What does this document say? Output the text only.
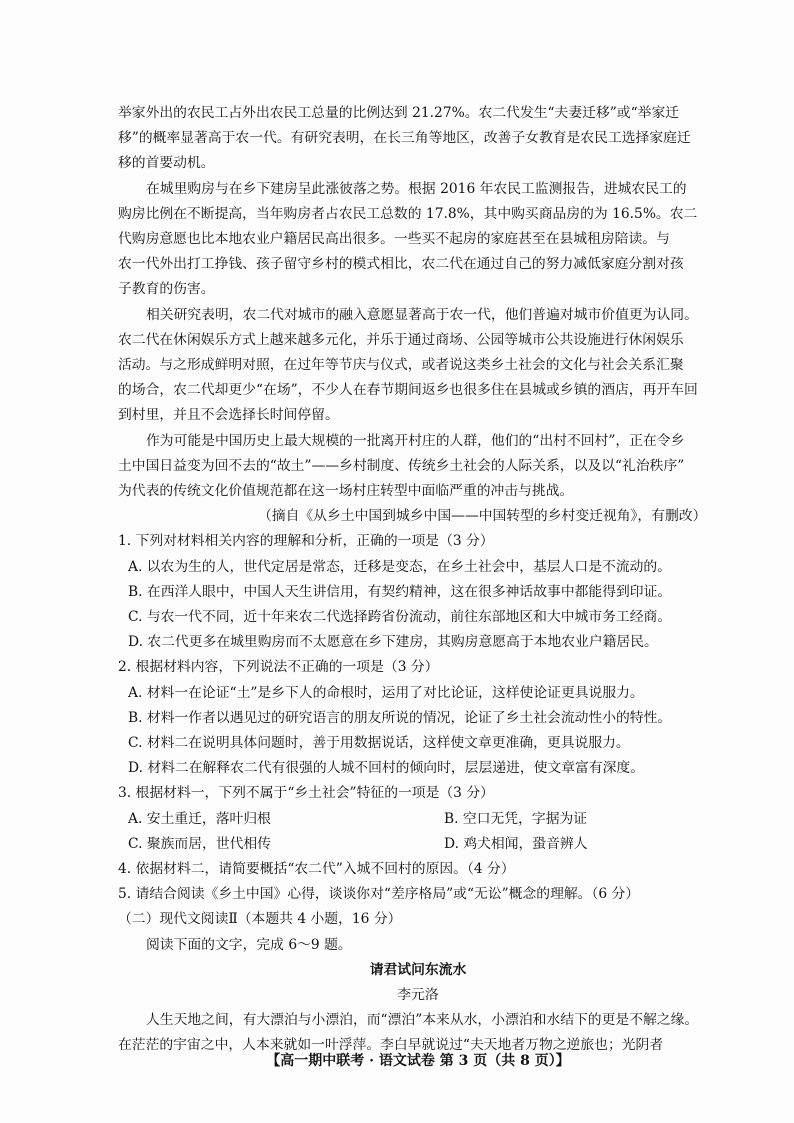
举家外出的农民工占外出农民工总量的比例达到 21.27%。农二代发生“夫妻迁移”或“举家迁
移”的概率显著高于农一代。有研究表明，在长三角等地区，改善子女教育是农民工选择家庭迁
移的首要动机。
在城里购房与在乡下建房呈此涨彼落之势。根据 2016 年农民工监测报告，进城农民工的
购房比例在不断提高，当年购房者占农民工总数的 17.8%，其中购买商品房的为 16.5%。农二
代购房意愿也比本地农业户籍居民高出很多。一些买不起房的家庭甚至在县城租房陪读。与
农一代外出打工挣钱、孩子留守乡村的模式相比，农二代在通过自己的努力减低家庭分割对孩
子教育的伤害。
相关研究表明，农二代对城市的融入意愿显著高于农一代，他们普遍对城市价值更为认同。
农二代在休闲娱乐方式上越来越多元化，并乐于通过商场、公园等城市公共设施进行休闲娱乐
活动。与之形成鲜明对照，在过年等节庆与仪式，或者说这类乡土社会的文化与社会关系汇聚
的场合，农二代却更少“在场”，不少人在春节期间返乡也很多住在县城或乡镇的酒店，再开车回
到村里，并且不会选择长时间停留。
作为可能是中国历史上最大规模的一批离开村庄的人群，他们的“出村不回村”，正在令乡
土中国日益变为回不去的“故土”——乡村制度、传统乡土社会的人际关系，以及以“礼治秩序”
为代表的传统文化价值规范都在这一场村庄转型中面临严重的冲击与挑战。
（摘自《从乡土中国到城乡中国——中国转型的乡村变迁视角》，有删改）
1. 下列对材料相关内容的理解和分析，正确的一项是（3 分）
A. 以农为生的人，世代定居是常态，迁移是变态，在乡土社会中，基层人口是不流动的。
B. 在西洋人眼中，中国人天生讲信用，有契约精神，这在很多神话故事中都能得到印证。
C. 与农一代不同，近十年来农二代选择跨省份流动，前往东部地区和大中城市务工经商。
D. 农二代更多在城里购房而不太愿意在乡下建房，其购房意愿高于本地农业户籍居民。
2. 根据材料内容，下列说法不正确的一项是（3 分）
A. 材料一在论证“土”是乡下人的命根时，运用了对比论证，这样使论证更具说服力。
B. 材料一作者以遇见过的研究语言的朋友所说的情况，论证了乡土社会流动性小的特性。
C. 材料二在说明具体问题时，善于用数据说话，这样使文章更准确，更具说服力。
D. 材料二在解释农二代有很强的人城不回村的倾向时，层层递进，使文章富有深度。
3. 根据材料一，下列不属于“乡土社会”特征的一项是（3 分）
A. 安土重迁，落叶归根	B. 空口无凭，字据为证
C. 聚族而居，世代相传	D. 鸡犬相闻，蛩音辨人
4. 依据材料二，请简要概括“农二代”入城不回村的原因。（4 分）
5. 请结合阅读《乡土中国》心得，谈谈你对“差序格局”或“无讼”概念的理解。（6 分）
【高一期中联考 · 语文试卷 第 3 页（共 8 页）】
（二）现代文阅读Ⅱ（本题共 4 小题，16 分）
阅读下面的文字，完成 6～9 题。
请君试问东流水
李元洛
人生天地之间，有大漂泊与小漂泊，而“漂泊”本来从水，小漂泊和水结下的更是不解之缘。
在茫茫的宇宙之中，人本来就如一叶浮萍。李白早就说过“夫天地者万物之逆旅也；光阴者
